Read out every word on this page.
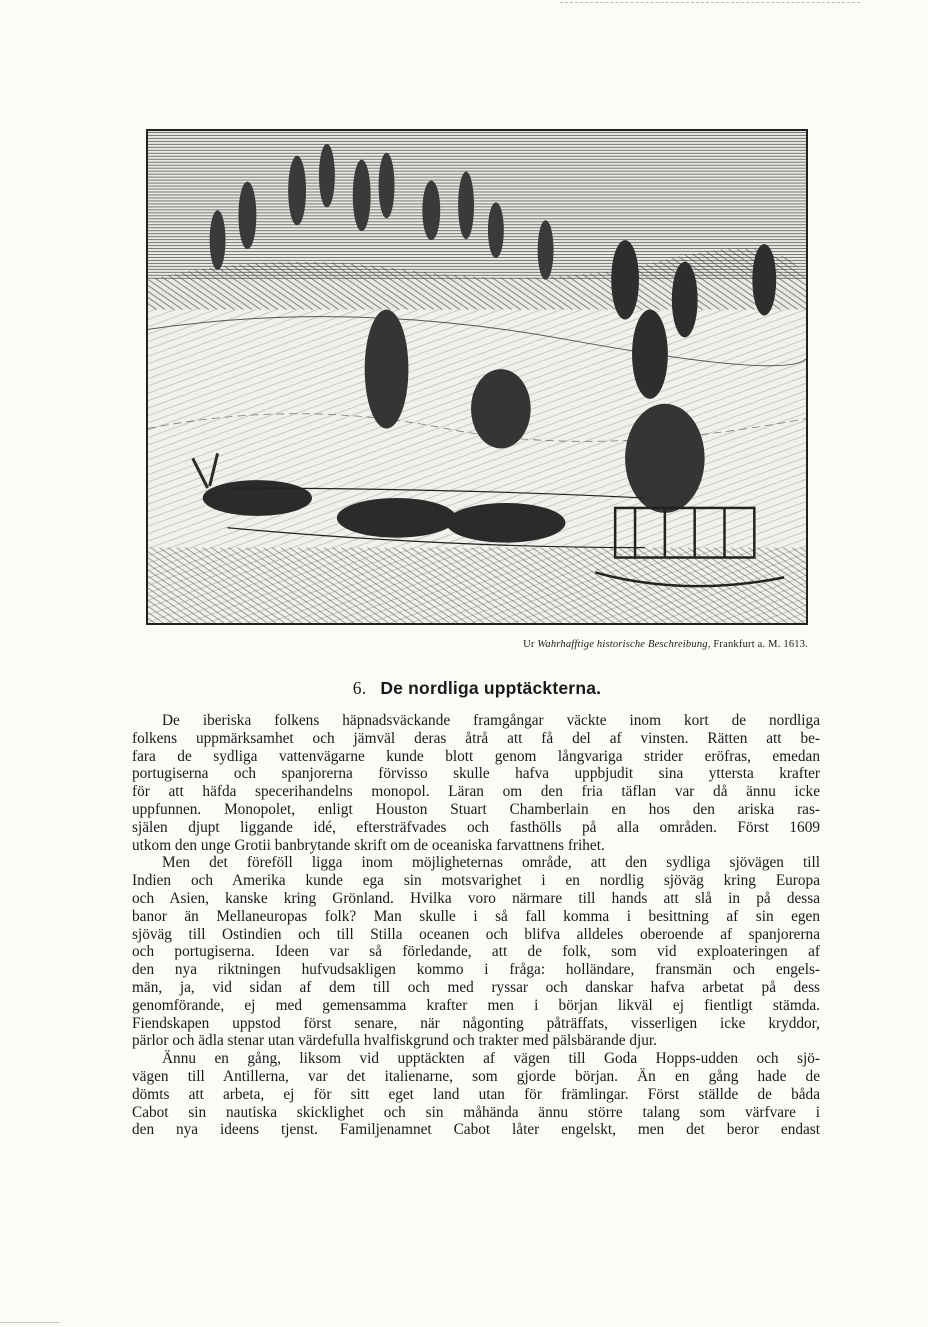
Ur Wahrhafftige historische Beschreibung, Frankfurt a. M. 1613.
6. De nordliga upptäckterna.
De iberiska folkens häpnadsväckande framgångar väckte inom kort de nordliga
folkens uppmärksamhet och jämväl deras åtrå att få del af vinsten. Rätten att be-
fara de sydliga vattenvägarne kunde blott genom långvariga strider eröfras, emedan
portugiserna och spanjorerna förvisso skulle hafva uppbjudit sina yttersta krafter
för att häfda specerihandelns monopol. Läran om den fria täflan var då ännu icke
uppfunnen. Monopolet, enligt Houston Stuart Chamberlain en hos den ariska ras-
själen djupt liggande idé, eftersträfvades och fasthölls på alla områden. Först 1609
utkom den unge Grotii banbrytande skrift om de oceaniska farvattnens frihet.
Men det föreföll ligga inom möjligheternas område, att den sydliga sjövägen till
Indien och Amerika kunde ega sin motsvarighet i en nordlig sjöväg kring Europa
och Asien, kanske kring Grönland. Hvilka voro närmare till hands att slå in på dessa
banor än Mellaneuropas folk? Man skulle i så fall komma i besittning af sin egen
sjöväg till Ostindien och till Stilla oceanen och blifva alldeles oberoende af spanjorerna
och portugiserna. Ideen var så förledande, att de folk, som vid exploateringen af
den nya riktningen hufvudsakligen kommo i fråga: holländare, fransmän och engels-
män, ja, vid sidan af dem till och med ryssar och danskar hafva arbetat på dess
genomförande, ej med gemensamma krafter men i början likväl ej fientligt stämda.
Fiendskapen uppstod först senare, när någonting påträffats, visserligen icke kryddor,
pärlor och ädla stenar utan värdefulla hvalfiskgrund och trakter med pälsbärande djur.
Ännu en gång, liksom vid upptäckten af vägen till Goda Hopps-udden och sjö-
vägen till Antillerna, var det italienarne, som gjorde början. Än en gång hade de
dömts att arbeta, ej för sitt eget land utan för främlingar. Först ställde de båda
Cabot sin nautiska skicklighet och sin måhända ännu större talang som värfvare i
den nya ideens tjenst. Familjenamnet Cabot låter engelskt, men det beror endast
